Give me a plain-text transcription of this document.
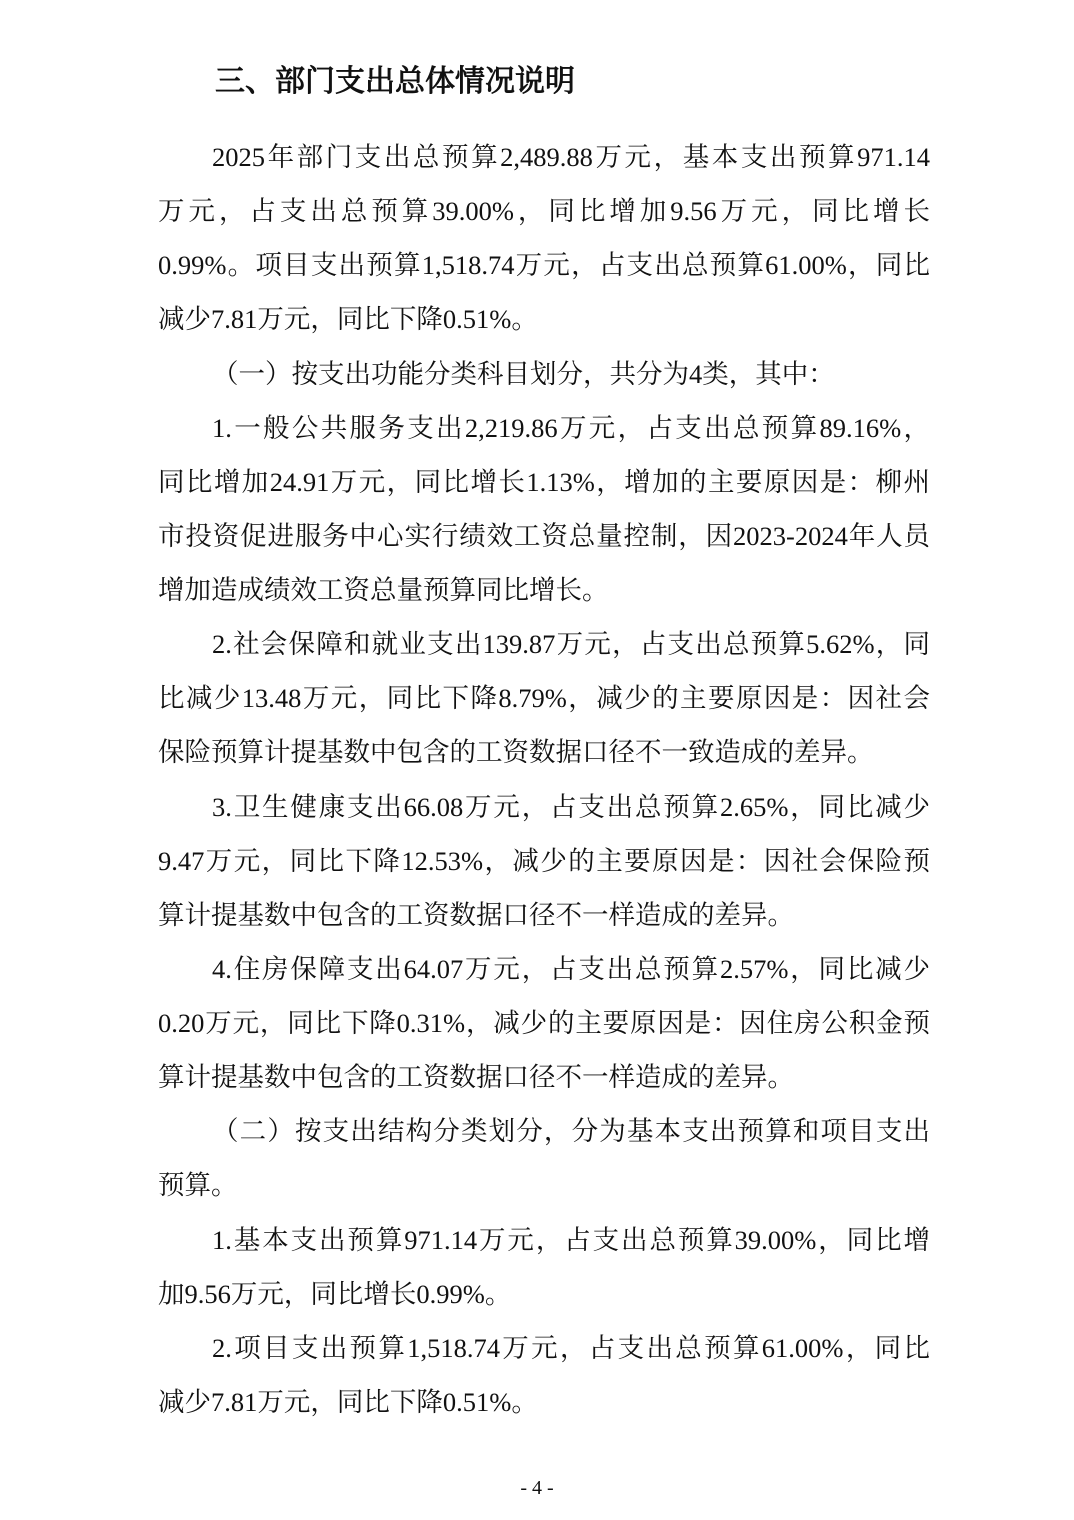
三、部门支出总体情况说明
2025年部门支出总预算2,489.88万元，基本支出预算971.14
万元，占支出总预算39.00%，同比增加9.56万元，同比增长
0.99%。项目支出预算1,518.74万元，占支出总预算61.00%，同比
减少7.81万元，同比下降0.51%。
（一）按支出功能分类科目划分，共分为4类，其中：
1.一般公共服务支出2,219.86万元，占支出总预算89.16%，
同比增加24.91万元，同比增长1.13%，增加的主要原因是：柳州
市投资促进服务中心实行绩效工资总量控制，因2023-2024年人员
增加造成绩效工资总量预算同比增长。
2.社会保障和就业支出139.87万元，占支出总预算5.62%，同
比减少13.48万元，同比下降8.79%，减少的主要原因是：因社会
保险预算计提基数中包含的工资数据口径不一致造成的差异。
3.卫生健康支出66.08万元，占支出总预算2.65%，同比减少
9.47万元，同比下降12.53%，减少的主要原因是：因社会保险预
算计提基数中包含的工资数据口径不一样造成的差异。
4.住房保障支出64.07万元，占支出总预算2.57%，同比减少
0.20万元，同比下降0.31%，减少的主要原因是：因住房公积金预
算计提基数中包含的工资数据口径不一样造成的差异。
（二）按支出结构分类划分，分为基本支出预算和项目支出
预算。
1.基本支出预算971.14万元，占支出总预算39.00%，同比增
加9.56万元，同比增长0.99%。
2.项目支出预算1,518.74万元，占支出总预算61.00%，同比
减少7.81万元，同比下降0.51%。
- 4 -
